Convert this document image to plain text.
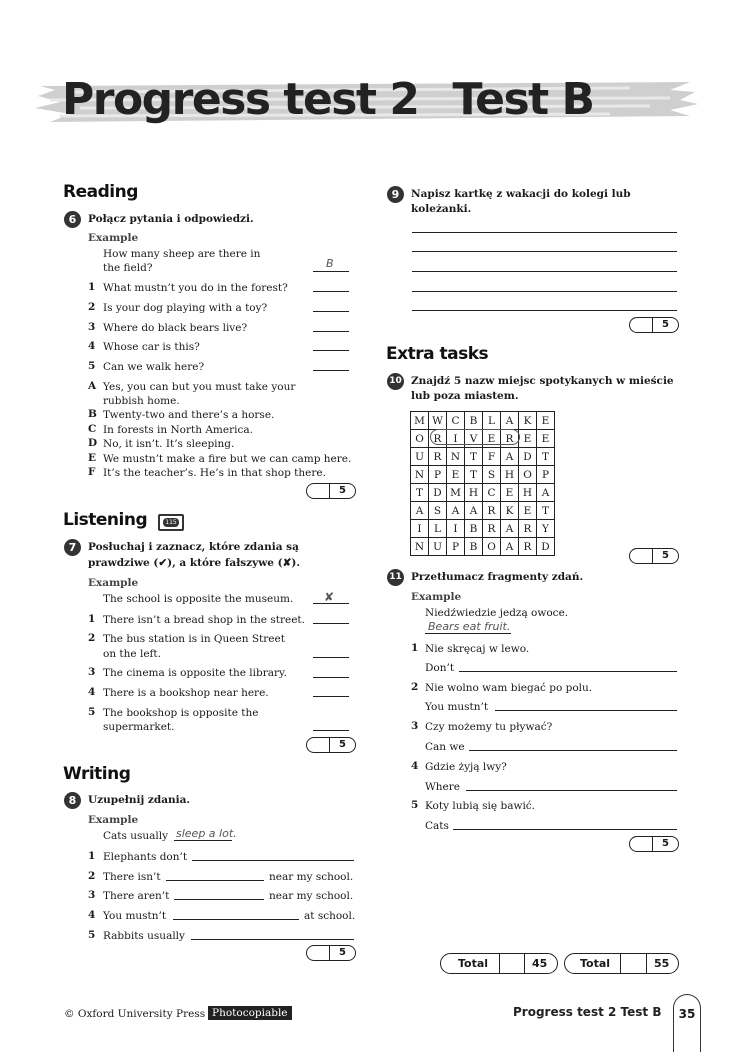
Progress test 2 Test B
Reading
6	Połącz pytania i odpowiedzi.
Example
How many sheep are there in
the field?	B
1 What mustn’t you do in the forest?
2 Is your dog playing with a toy?
3 Where do black bears live?
4 Whose car is this?
5 Can we walk here?
A Yes, you can but you must take your
rubbish home.
B Twenty-two and there’s a horse.
C In forests in North America.
D No, it isn’t. It’s sleeping.
E We mustn’t make a fire but we can camp here.
F It’s the teacher’s. He’s in that shop there.
5
Listening	115
7	Posłuchaj i zaznacz, które zdania są
prawdziwe (✔), a które fałszywe (✘).
Example
The school is opposite the museum.	✘
1 There isn’t a bread shop in the street.
2 The bus station is in Queen Street
on the left.
3 The cinema is opposite the library.
4 There is a bookshop near here.
5 The bookshop is opposite the
supermarket.
5
Writing
8	Uzupełnij zdania.
Example
Cats usually sleep a lot.
1 Elephants don’t
2 There isn’t	near my school.
3 There aren’t	near my school.
4 You mustn’t	at school.
5 Rabbits usually
5
9	Napisz kartkę z wakacji do kolegi lub
koleżanki.
5
Extra tasks
10 Znajdź 5 nazw miejsc spotykanych w mieście
lub poza miastem.
M	W	C	B	L	A	K	E
O	R	I	V	E	R	E	E
U	R	N	T	F	A	D	T
N	P	E	T	S	H	O	P
T	D	M	H	C	E	H	A
A	S	A	A	R	K	E	T
I	L	I	B	R	A	R	Y
N	U	P	B	O	A	R	D
5
11 Przetłumacz fragmenty zdań.
Example
Niedźwiedzie jedzą owoce.
Bears eat fruit.
1 Nie skręcaj w lewo.
Don’t
2 Nie wolno wam biegać po polu.
You mustn’t
3 Czy możemy tu pływać?
Can we
4 Gdzie żyją lwy?
Where
5 Koty lubią się bawić.
Cats
5
Total	45	Total	55
© Oxford University Press Photocopiable	Progress test 2 Test B	35
